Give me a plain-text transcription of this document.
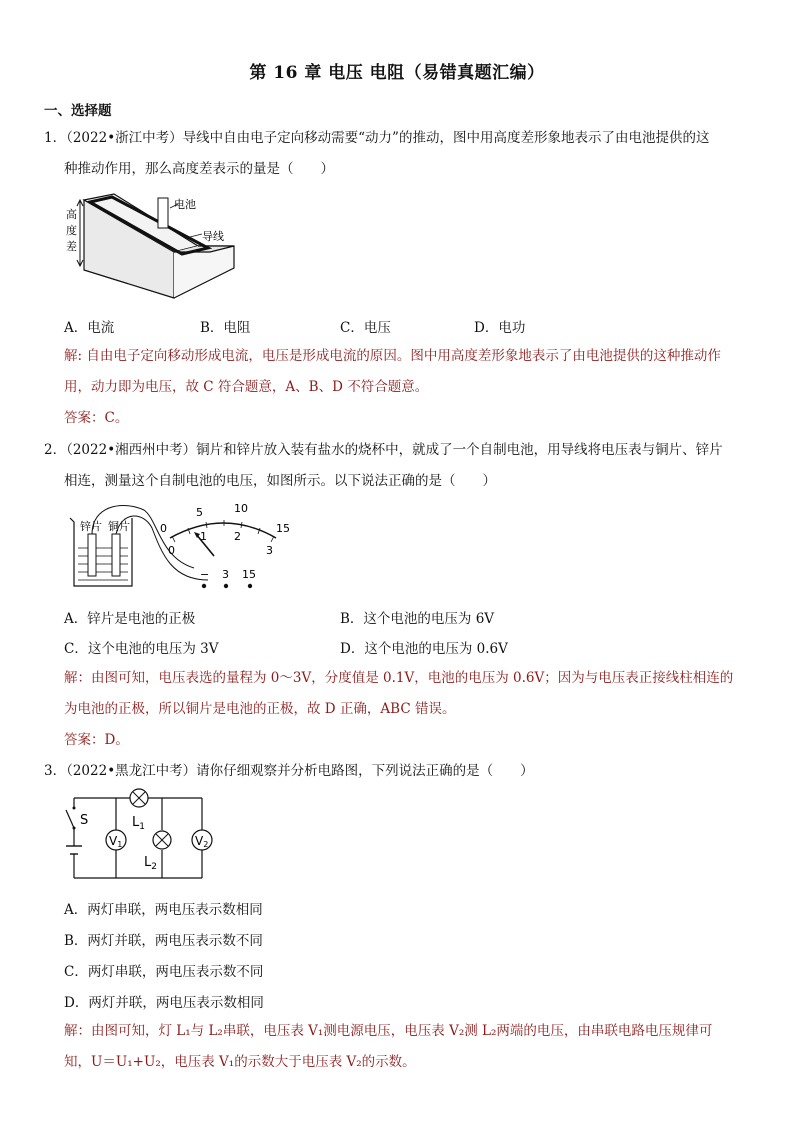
第 16 章 电压 电阻（易错真题汇编）
一、选择题
1．（2022•浙江中考）导线中自由电子定向移动需要“动力”的推动，图中用高度差形象地表示了由电池提供的这
种推动作用，那么高度差表示的量是（　　）
电池
导线
高
度
差
A．电流	B．电阻	C．电压	D．电功
解: 自由电子定向移动形成电流，电压是形成电流的原因。图中用高度差形象地表示了由电池提供的这种推动作
用，动力即为电压，故 C 符合题意，A、B、D 不符合题意。
答案：C。
2．（2022•湘西州中考）铜片和锌片放入装有盐水的烧杯中，就成了一个自制电池，用导线将电压表与铜片、锌片
相连，测量这个自制电池的电压，如图所示。以下说法正确的是（　　）
锌片 铜片	0
5	10
15
0
1 2
3
− 3 15
A．锌片是电池的正极	B．这个电池的电压为 6V
C．这个电池的电压为 3V	D．这个电池的电压为 0.6V
解：由图可知，电压表选的量程为 0～3V，分度值是 0.1V，电池的电压为 0.6V；因为与电压表正接线柱相连的
为电池的正极，所以铜片是电池的正极，故 D 正确，ABC 错误。
答案：D。
3．（2022•黑龙江中考）请你仔细观察并分析电路图，下列说法正确的是（　　）
S	$L_1$
$L_2$
V1	V2
A．两灯串联，两电压表示数相同
B．两灯并联，两电压表示数不同
C．两灯串联，两电压表示数不同
D．两灯并联，两电压表示数相同
解：由图可知，灯 L₁与 L₂串联，电压表 V₁测电源电压，电压表 V₂测 L₂两端的电压，由串联电路电压规律可
知，U＝U₁+U₂，电压表 V₁的示数大于电压表 V₂的示数。
